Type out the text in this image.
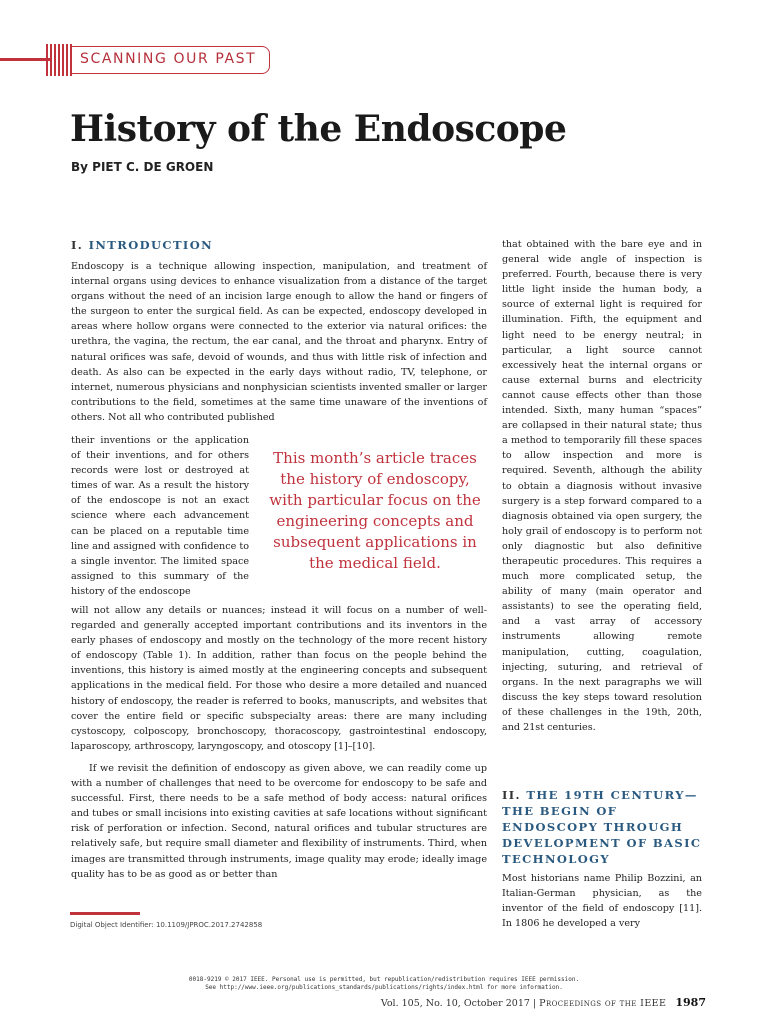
SCANNING OUR PAST
History of the Endoscope
By PIET C. DE GROEN
I. INTRODUCTION

Endoscopy is a technique allowing inspection, manipulation, and treatment of internal organs using devices to enhance visualization from a distance of the target organs without the need of an incision large enough to allow the hand or fingers of the surgeon to enter the surgical field. As can be expected, endoscopy developed in areas where hollow organs were connected to the exterior via natural orifices: the urethra, the vagina, the rectum, the ear canal, and the throat and pharynx. Entry of natural orifices was safe, devoid of wounds, and thus with little risk of infection and death. As also can be expected in the early days without radio, TV, telephone, or internet, numerous physicians and nonphysician scientists invented smaller or larger contributions to the field, sometimes at the same time unaware of the inventions of others. Not all who contributed published

their inventions or the application of their inventions, and for others records were lost or destroyed at times of war. As a result the history of the endoscope is not an exact science where each advancement can be placed on a reputable time line and assigned with confidence to a single inventor. The limited space assigned to this summary of the history of the endoscope

This month’s article traces the history of endoscopy, with particular focus on the engineering concepts and subsequent applications in the medical field.

will not allow any details or nuances; instead it will focus on a number of well-regarded and generally accepted important contributions and its inventors in the early phases of endoscopy and mostly on the technology of the more recent history of endoscopy (Table 1). In addition, rather than focus on the people behind the inventions, this history is aimed mostly at the engineering concepts and subsequent applications in the medical field. For those who desire a more detailed and nuanced history of endoscopy, the reader is referred to books, manuscripts, and websites that cover the entire field or specific subspecialty areas: there are many including cystoscopy, colposcopy, bronchoscopy, thoracoscopy, gastrointestinal endoscopy, laparoscopy, arthroscopy, laryngoscopy, and otoscopy [1]–[10].

If we revisit the definition of endoscopy as given above, we can readily come up with a number of challenges that need to be overcome for endoscopy to be safe and successful. First, there needs to be a safe method of body access: natural orifices and tubes or small incisions into existing cavities at safe locations without significant risk of perforation or infection. Second, natural orifices and tubular structures are relatively safe, but require small diameter and flexibility of instruments. Third, when images are transmitted through instruments, image quality may erode; ideally image quality has to be as good as or better than

that obtained with the bare eye and in general wide angle of inspection is preferred. Fourth, because there is very little light inside the human body, a source of external light is required for illumination. Fifth, the equipment and light need to be energy neutral; in particular, a light source cannot excessively heat the internal organs or cause external burns and electricity cannot cause effects other than those intended. Sixth, many human “spaces” are collapsed in their natural state; thus a method to temporarily fill these spaces to allow inspection and more is required. Seventh, although the ability to obtain a diagnosis without invasive surgery is a step forward compared to a diagnosis obtained via open surgery, the holy grail of endoscopy is to perform not only diagnostic but also definitive therapeutic procedures. This requires a much more complicated setup, the ability of many (main operator and assistants) to see the operating field, and a vast array of accessory instruments allowing remote manipulation, cutting, coagulation, injecting, suturing, and retrieval of organs. In the next paragraphs we will discuss the key steps toward resolution of these challenges in the 19th, 20th, and 21st centuries.

II. THE 19TH CENTURY— THE BEGIN OF ENDOSCOPY THROUGH DEVELOPMENT OF BASIC TECHNOLOGY

Most historians name Philip Bozzini, an Italian-German physician, as the inventor of the field of endoscopy [11]. In 1806 he developed a very

Digital Object Identifier: 10.1109/JPROC.2017.2742858
0018-9219 © 2017 IEEE. Personal use is permitted, but republication/redistribution requires IEEE permission.
See http://www.ieee.org/publications_standards/publications/rights/index.html for more information.
Vol. 105, No. 10, October 2017 | Proceedings of the IEEE 1987
